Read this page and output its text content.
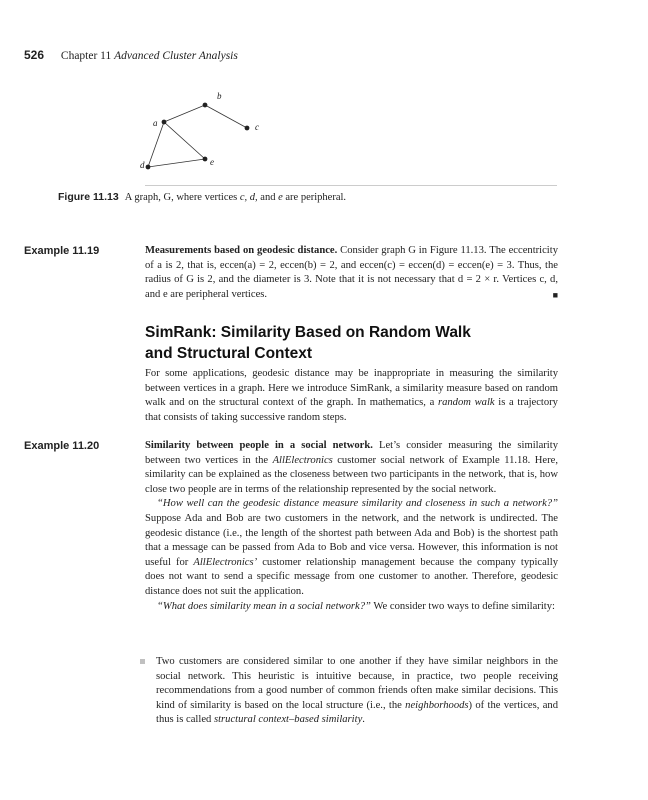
526 Chapter 11 Advanced Cluster Analysis
a
b
c
d	e
Figure 11.13 A graph, G, where vertices c, d, and e are peripheral.
Example 11.19	Measurements based on geodesic distance. Consider graph G in Figure 11.13. The eccentricity of a is 2, that is, eccen(a) = 2, eccen(b) = 2, and eccen(c) = eccen(d) = eccen(e) = 3. Thus, the radius of G is 2, and the diameter is 3. Note that it is not necessary that d = 2 × r. Vertices c, d, and e are peripheral vertices.	■

SimRank: Similarity Based on Random Walk
and Structural Context

For some applications, geodesic distance may be inappropriate in measuring the similarity between vertices in a graph. Here we introduce SimRank, a similarity measure based on random walk and on the structural context of the graph. In mathematics, a random walk is a trajectory that consists of taking successive random steps.

Example 11.20	Similarity between people in a social network. Let’s consider measuring the similarity between two vertices in the AllElectronics customer social network of Example 11.18. Here, similarity can be explained as the closeness between two participants in the network, that is, how close two people are in terms of the relationship represented by the social network.

“How well can the geodesic distance measure similarity and closeness in such a network?” Suppose Ada and Bob are two customers in the network, and the network is undirected. The geodesic distance (i.e., the length of the shortest path between Ada and Bob) is the shortest path that a message can be passed from Ada to Bob and vice versa. However, this information is not useful for AllElectronics’ customer relationship management because the company typically does not want to send a specific message from one customer to another. Therefore, geodesic distance does not suit the application.

“What does similarity mean in a social network?” We consider two ways to define similarity:

Two customers are considered similar to one another if they have similar neighbors in the social network. This heuristic is intuitive because, in practice, two people receiving recommendations from a good number of common friends often make similar decisions. This kind of similarity is based on the local structure (i.e., the neighborhoods) of the vertices, and thus is called structural context–based similarity.
